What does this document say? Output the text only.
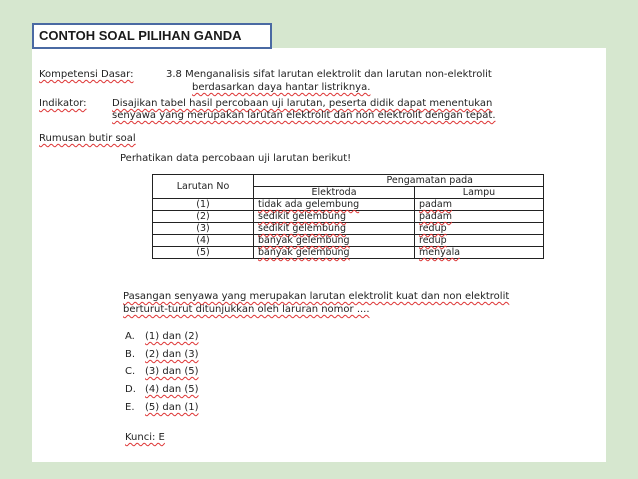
CONTOH SOAL PILIHAN GANDA
Kompetensi Dasar:	3.8 Menganalisis sifat larutan elektrolit dan larutan non-elektrolit
berdasarkan daya hantar listriknya.
Indikator:	Disajikan tabel hasil percobaan uji larutan, peserta didik dapat menentukan
senyawa yang merupakan larutan elektrolit dan non elektrolit dengan tepat.
Rumusan butir soal
Perhatikan data percobaan uji larutan berikut!
Larutan No	Pengamatan pada	
	Elektroda	Lampu
(1)	tidak ada gelembung	padam
(2)	sedikit gelembung	padam
(3)	sedikit gelembung	redup
(4)	banyak gelembung	redup
(5)	banyak gelembung	menyala
Pasangan senyawa yang merupakan larutan elektrolit kuat dan non elektrolit
berturut-turut ditunjukkan oleh laruran nomor ....
A. (1) dan (2)
B. (2) dan (3)
C. (3) dan (5)
D. (4) dan (5)
E. (5) dan (1)
Kunci: E
